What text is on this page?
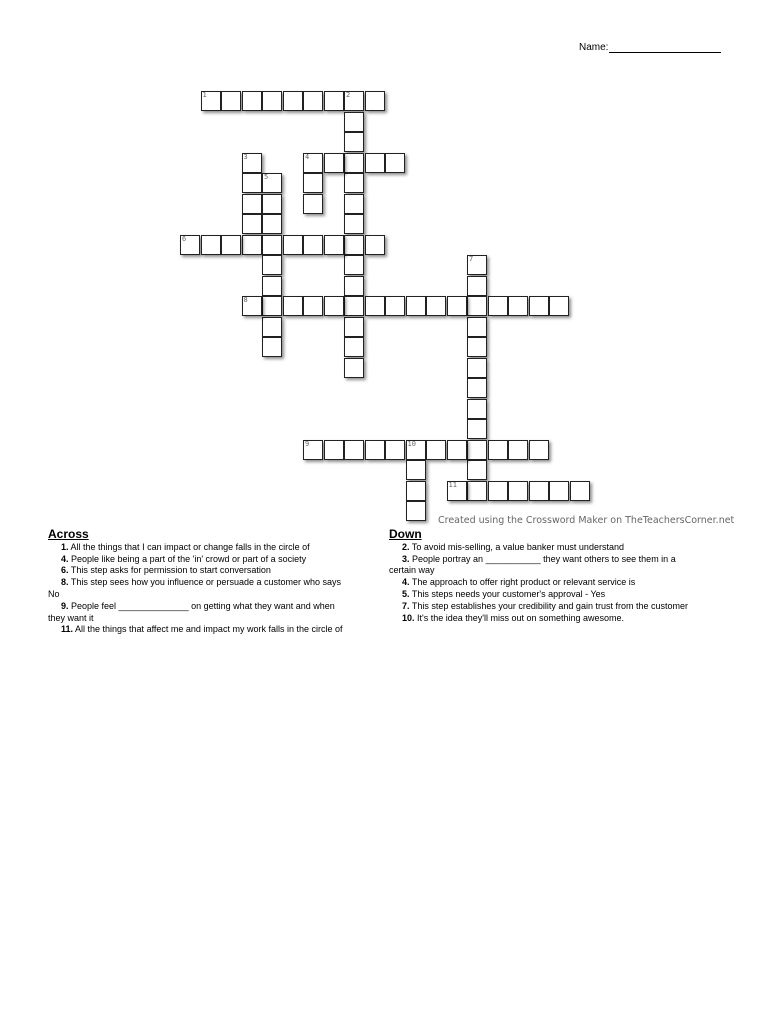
Name:
1	2
3	4
5
6
7
8
9	10
11
Created using the Crossword Maker on TheTeachersCorner.net
Across
1. All the things that I can impact or change falls in the circle of
4. People like being a part of the 'in' crowd or part of a society
6. This step asks for permission to start conversation
8. This step sees how you influence or persuade a customer who says
No
9. People feel ______________ on getting what they want and when
they want it
11. All the things that affect me and impact my work falls in the circle of
Down
2. To avoid mis-selling, a value banker must understand
3. People portray an ___________ they want others to see them in a
certain way
4. The approach to offer right product or relevant service is
5. This steps needs your customer's approval - Yes
7. This step establishes your credibility and gain trust from the customer
10. It's the idea they'll miss out on something awesome.
